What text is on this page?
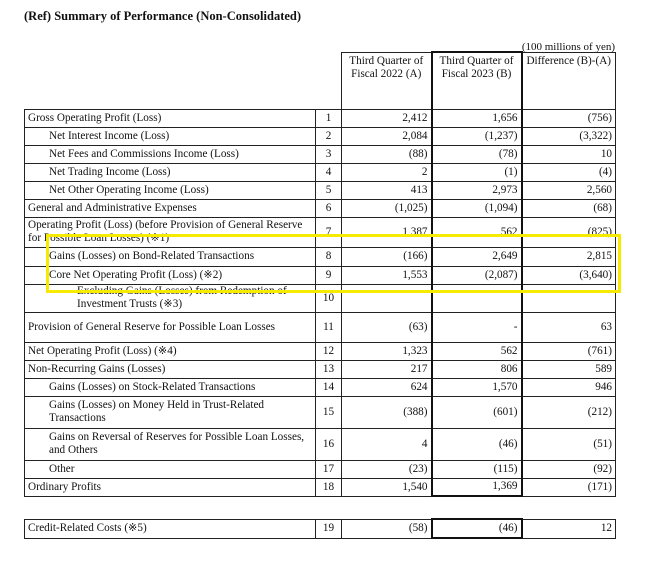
(Ref) Summary of Performance (Non-Consolidated)
(100 millions of yen)
		Third Quarter of Fiscal 2022 (A)	Third Quarter of Fiscal 2023 (B)	Difference (B)-(A)
Gross Operating Profit (Loss)	1	2,412	1,656	(756)
Net Interest Income (Loss)	2	2,084	(1,237)	(3,322)
Net Fees and Commissions Income (Loss)	3	(88)	(78)	10
Net Trading Income (Loss)	4	2	(1)	(4)
Net Other Operating Income (Loss)	5	413	2,973	2,560
General and Administrative Expenses	6	(1,025)	(1,094)	(68)

Operating Profit (Loss) (before Provision of General Reserve for Possible Loan Losses) (※1)	7	1,387	562	(825)
Gains (Losses) on Bond-Related Transactions	8	(166)	2,649	2,815
Core Net Operating Profit (Loss) (※2)	9	1,553	(2,087)	(3,640)

Excluding Gains (Losses) from Redemption of Investment Trusts (※3)	10			
Provision of General Reserve for Possible Loan Losses	11	(63)	-	63
Net Operating Profit (Loss) (※4)	12	1,323	562	(761)
Non-Recurring Gains (Losses)	13	217	806	589
Gains (Losses) on Stock-Related Transactions	14	624	1,570	946
Gains (Losses) on Money Held in Trust-Related Transactions	15	(388)	(601)	(212)
Gains on Reversal of Reserves for Possible Loan Losses, and Others	16	4	(46)	(51)
Other	17	(23)	(115)	(92)
Ordinary Profits	18	1,540	1,369	(171)
Credit-Related Costs (※5)	19	(58)	(46)	12
